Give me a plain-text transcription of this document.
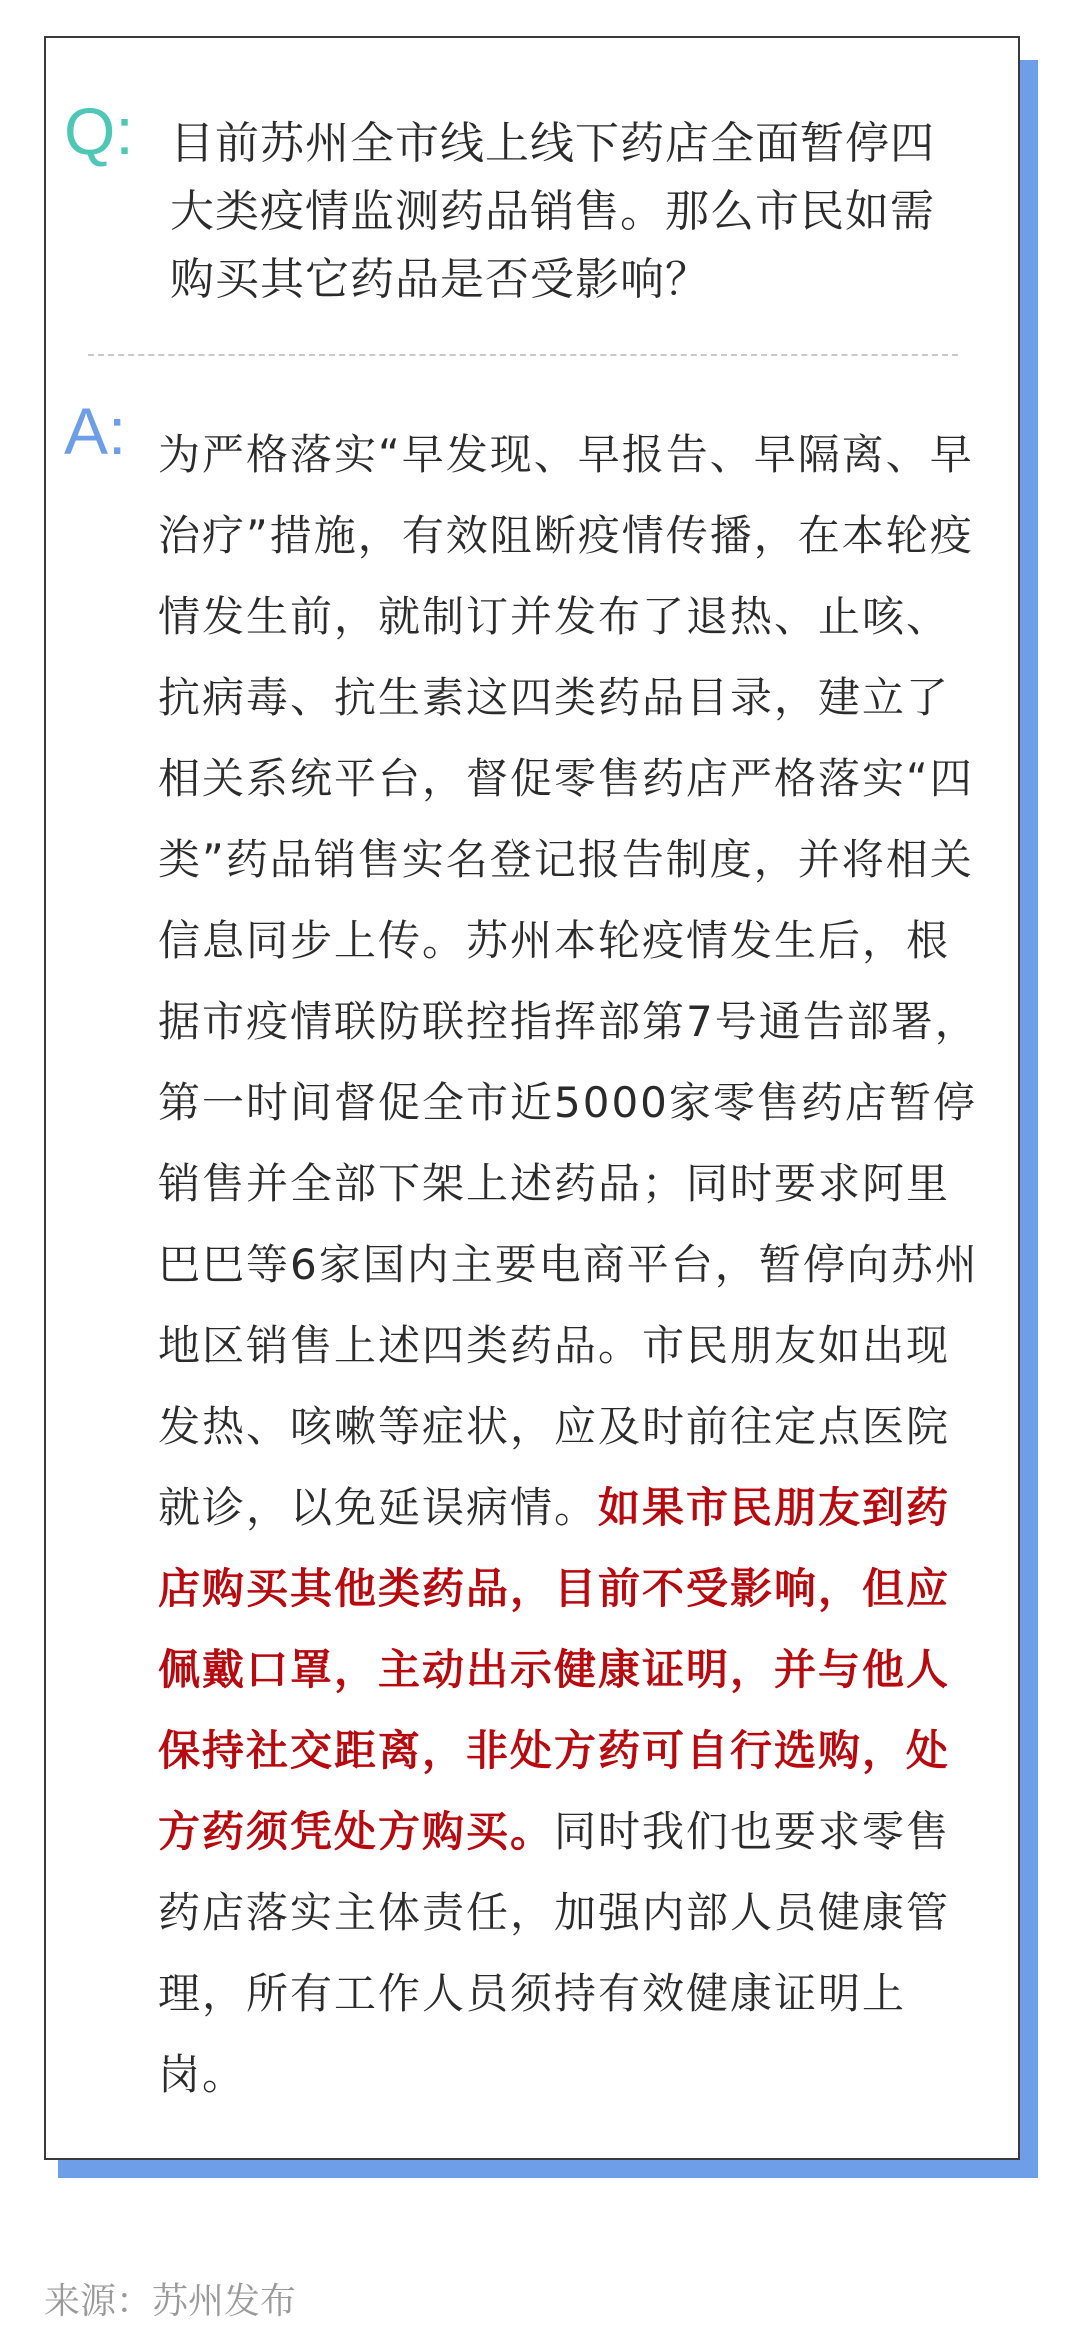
Q: 目前苏州全市线上线下药店全面暂停四大类疫情监测药品销售。那么市民如需购买其它药品是否受影响？
A: 为严格落实“早发现、早报告、早隔离、早治疗”措施，有效阻断疫情传播，在本轮疫情发生前，就制订并发布了退热、止咳、抗病毒、抗生素这四类药品目录，建立了相关系统平台，督促零售药店严格落实“四类”药品销售实名登记报告制度，并将相关信息同步上传。苏州本轮疫情发生后，根据市疫情联防联控指挥部第7号通告部署，第一时间督促全市近5000家零售药店暂停销售并全部下架上述药品；同时要求阿里巴巴等6家国内主要电商平台，暂停向苏州地区销售上述四类药品。市民朋友如出现发热、咳嗽等症状，应及时前往定点医院就诊，以免延误病情。如果市民朋友到药店购买其他类药品，目前不受影响，但应佩戴口罩，主动出示健康证明，并与他人保持社交距离，非处方药可自行选购，处方药须凭处方购买。同时我们也要求零售药店落实主体责任，加强内部人员健康管理，所有工作人员须持有效健康证明上岗。
来源：苏州发布
